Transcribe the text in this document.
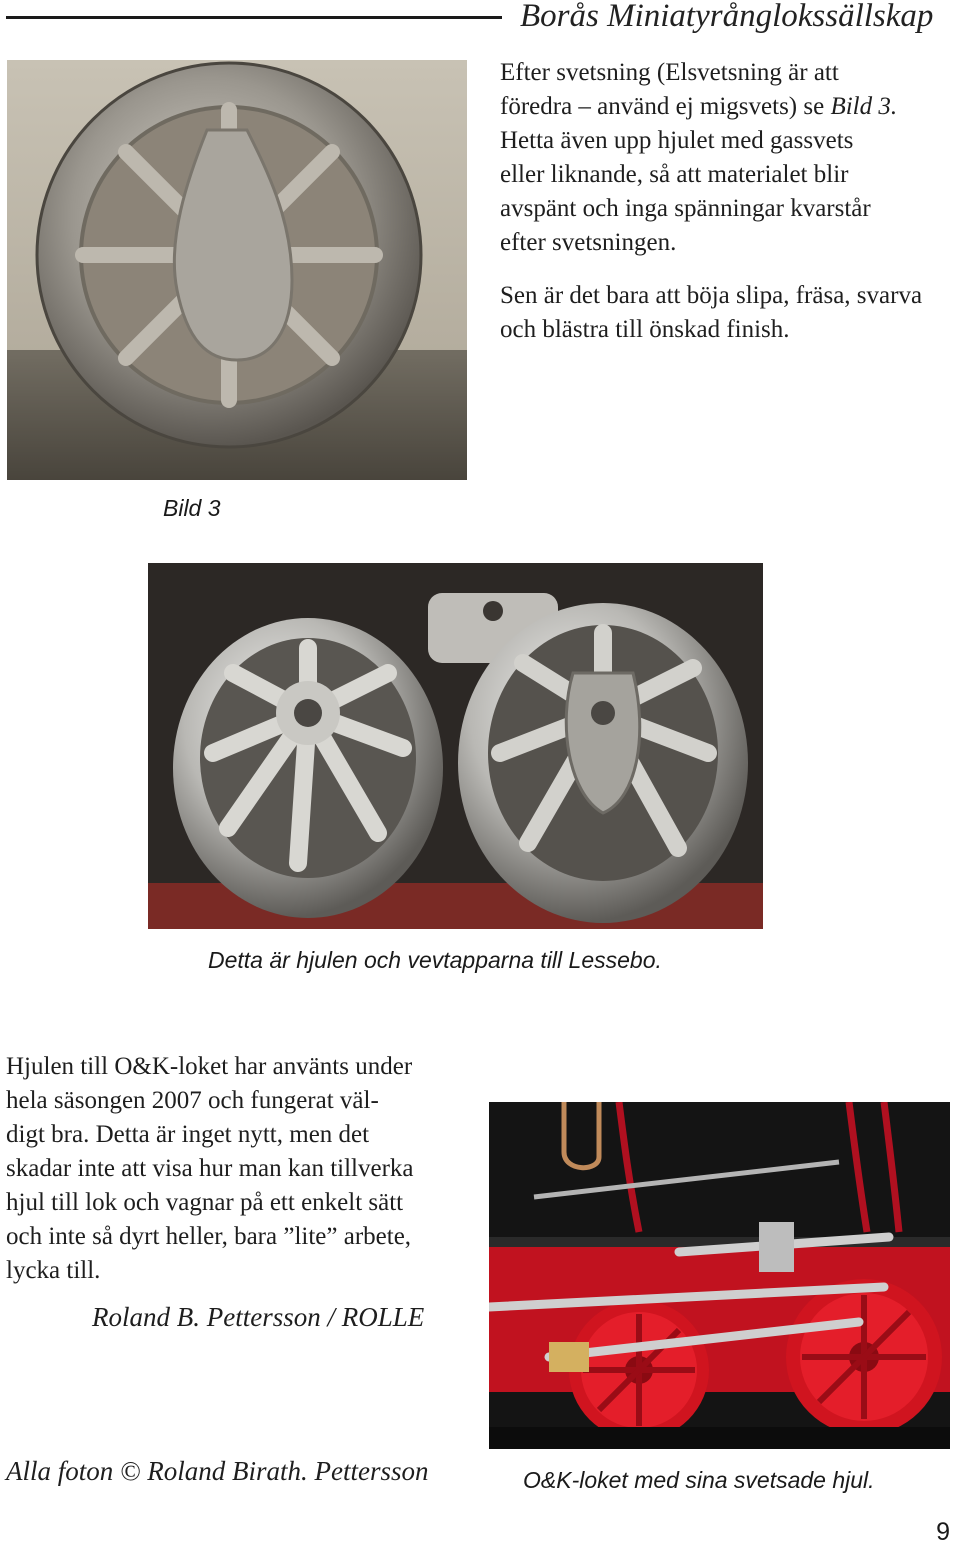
Borås Miniatyrånglokssällskap
Bild 3
Efter svetsning (Elsvetsning är att
föredra – använd ej migsvets) se Bild 3.
Hetta även upp hjulet med gassvets
eller liknande, så att materialet blir
avspänt och inga spänningar kvarstår
efter svetsningen.
Sen är det bara att böja slipa, fräsa, svarva
och blästra till önskad finish.
Detta är hjulen och vevtapparna till Lessebo.
Hjulen till O&K-loket har använts under
hela säsongen 2007 och fungerat väl-
digt bra. Detta är inget nytt, men det
skadar inte att visa hur man kan tillverka
hjul till lok och vagnar på ett enkelt sätt
och inte så dyrt heller, bara ”lite” arbete,
lycka till.
Roland B. Pettersson / ROLLE
O&K-loket med sina svetsade hjul.
Alla foton © Roland Birath. Pettersson
9
